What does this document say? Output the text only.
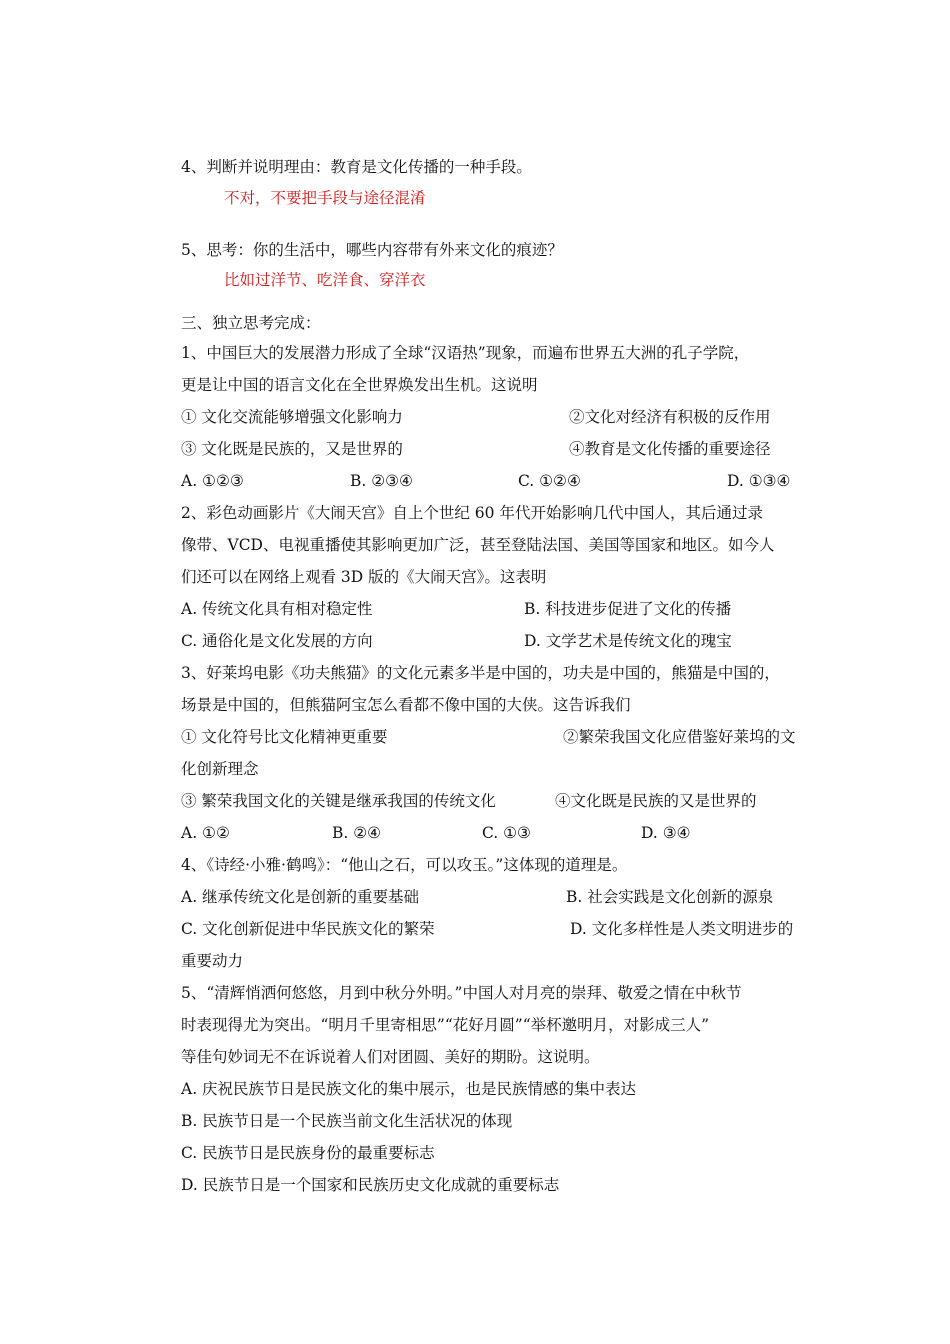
4、判断并说明理由：教育是文化传播的一种手段。
不对，不要把手段与途径混淆
5、思考：你的生活中，哪些内容带有外来文化的痕迹？
比如过洋节、吃洋食、穿洋衣
三、独立思考完成：
1、中国巨大的发展潜力形成了全球“汉语热”现象，而遍布世界五大洲的孔子学院，
更是让中国的语言文化在全世界焕发出生机。这说明
① 文化交流能够增强文化影响力	②文化对经济有积极的反作用
③ 文化既是民族的，又是世界的	④教育是文化传播的重要途径
A. ①②③	B. ②③④	C. ①②④	D. ①③④
2、彩色动画影片《大闹天宫》自上个世纪 60 年代开始影响几代中国人，其后通过录
像带、VCD、电视重播使其影响更加广泛，甚至登陆法国、美国等国家和地区。如今人
们还可以在网络上观看 3D 版的《大闹天宫》。这表明
A. 传统文化具有相对稳定性	B. 科技进步促进了文化的传播
C. 通俗化是文化发展的方向	D. 文学艺术是传统文化的瑰宝
3、好莱坞电影《功夫熊猫》的文化元素多半是中国的，功夫是中国的，熊猫是中国的，
场景是中国的，但熊猫阿宝怎么看都不像中国的大侠。这告诉我们
① 文化符号比文化精神更重要	②繁荣我国文化应借鉴好莱坞的文
化创新理念
③ 繁荣我国文化的关键是继承我国的传统文化	④文化既是民族的又是世界的
A. ①②	B. ②④	C. ①③	D. ③④
4、《诗经·小雅·鹤鸣》：“他山之石，可以攻玉。”这体现的道理是。
A. 继承传统文化是创新的重要基础	B. 社会实践是文化创新的源泉
C. 文化创新促进中华民族文化的繁荣	D. 文化多样性是人类文明进步的
重要动力
5、“清辉悄洒何悠悠，月到中秋分外明。”中国人对月亮的崇拜、敬爱之情在中秋节
时表现得尤为突出。“明月千里寄相思”“花好月圆”“举杯邀明月，对影成三人”
等佳句妙词无不在诉说着人们对团圆、美好的期盼。这说明。
A. 庆祝民族节日是民族文化的集中展示，也是民族情感的集中表达
B. 民族节日是一个民族当前文化生活状况的体现
C. 民族节日是民族身份的最重要标志
D. 民族节日是一个国家和民族历史文化成就的重要标志
